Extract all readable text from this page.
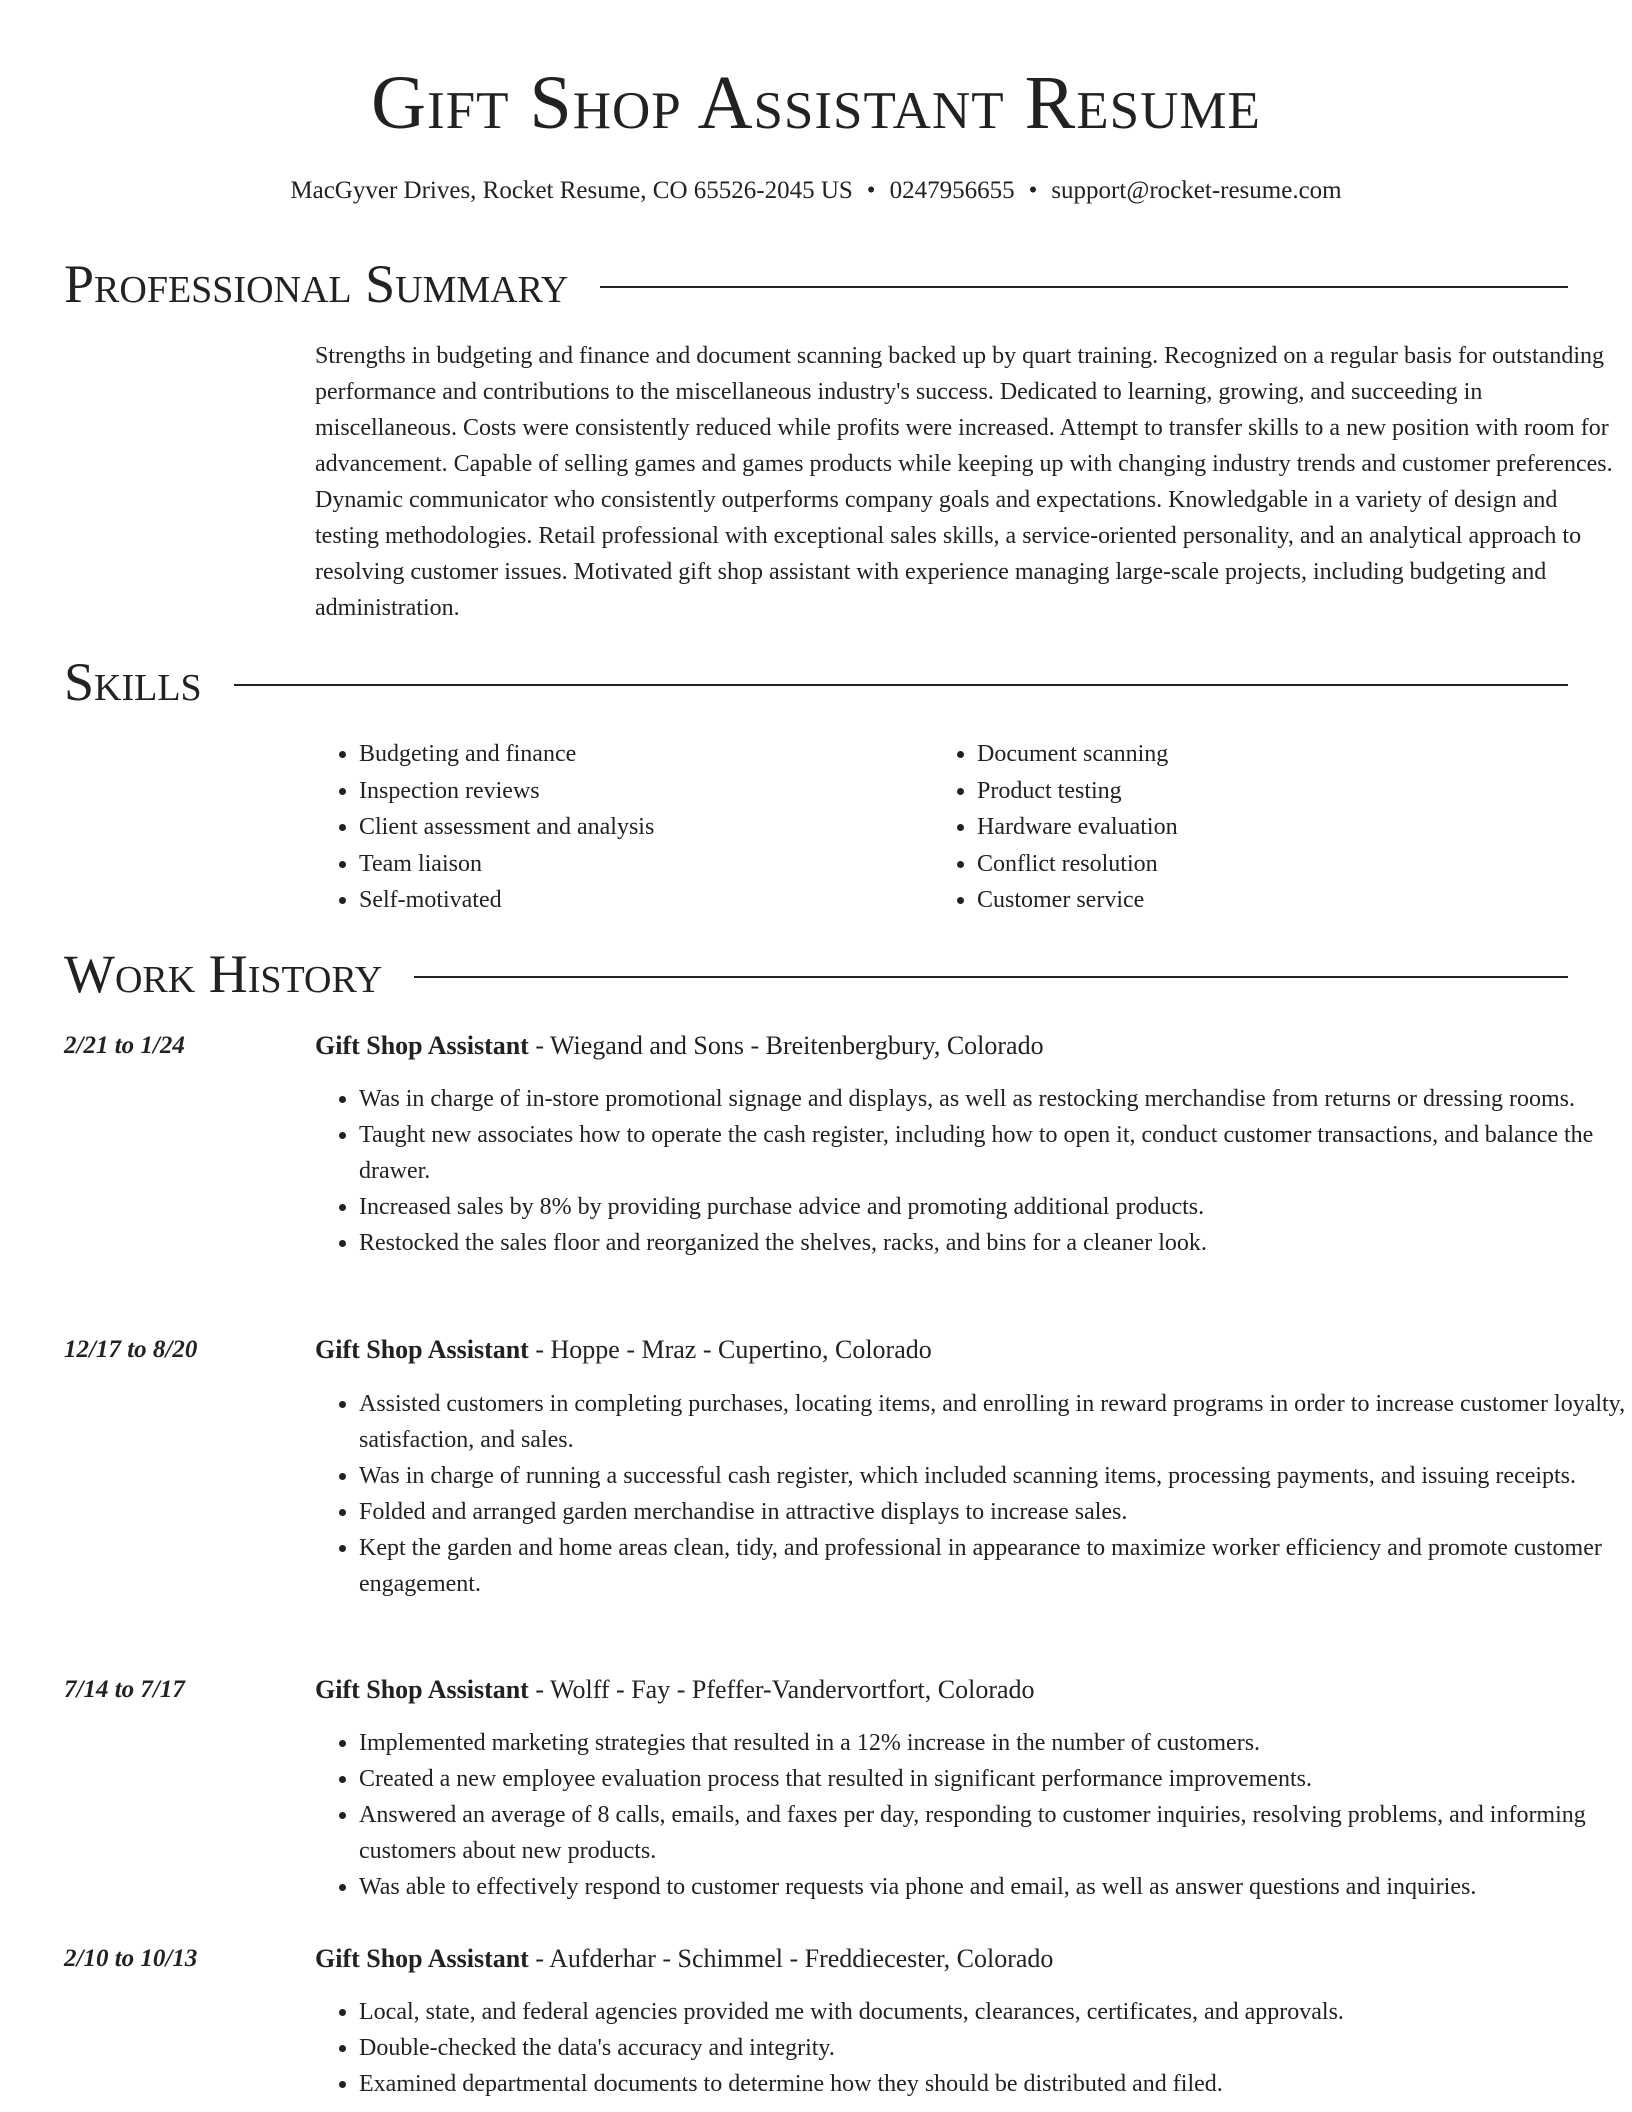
Gift Shop Assistant Resume
MacGyver Drives, Rocket Resume, CO 65526-2045 US • 0247956655 • support@rocket-resume.com
Professional Summary
Strengths in budgeting and finance and document scanning backed up by quart training. Recognized on a regular basis for outstanding performance and contributions to the miscellaneous industry's success. Dedicated to learning, growing, and succeeding in miscellaneous. Costs were consistently reduced while profits were increased. Attempt to transfer skills to a new position with room for advancement. Capable of selling games and games products while keeping up with changing industry trends and customer preferences. Dynamic communicator who consistently outperforms company goals and expectations. Knowledgable in a variety of design and testing methodologies. Retail professional with exceptional sales skills, a service-oriented personality, and an analytical approach to resolving customer issues. Motivated gift shop assistant with experience managing large-scale projects, including budgeting and administration.
Skills
• Budgeting and finance
• Inspection reviews
• Client assessment and analysis
• Team liaison
• Self-motivated
• Document scanning
• Product testing
• Hardware evaluation
• Conflict resolution
• Customer service
Work History
2/21 to 1/24	Gift Shop Assistant - Wiegand and Sons - Breitenbergbury, Colorado
• Was in charge of in-store promotional signage and displays, as well as restocking merchandise from returns or dressing rooms.
• Taught new associates how to operate the cash register, including how to open it, conduct customer transactions, and balance the drawer.
• Increased sales by 8% by providing purchase advice and promoting additional products.
• Restocked the sales floor and reorganized the shelves, racks, and bins for a cleaner look.
12/17 to 8/20	Gift Shop Assistant - Hoppe - Mraz - Cupertino, Colorado
• Assisted customers in completing purchases, locating items, and enrolling in reward programs in order to increase customer loyalty, satisfaction, and sales.
• Was in charge of running a successful cash register, which included scanning items, processing payments, and issuing receipts.
• Folded and arranged garden merchandise in attractive displays to increase sales.
• Kept the garden and home areas clean, tidy, and professional in appearance to maximize worker efficiency and promote customer engagement.
7/14 to 7/17	Gift Shop Assistant - Wolff - Fay - Pfeffer-Vandervortfort, Colorado
• Implemented marketing strategies that resulted in a 12% increase in the number of customers.
• Created a new employee evaluation process that resulted in significant performance improvements.
• Answered an average of 8 calls, emails, and faxes per day, responding to customer inquiries, resolving problems, and informing customers about new products.
• Was able to effectively respond to customer requests via phone and email, as well as answer questions and inquiries.
2/10 to 10/13	Gift Shop Assistant - Aufderhar - Schimmel - Freddiecester, Colorado
• Local, state, and federal agencies provided me with documents, clearances, certificates, and approvals.
• Double-checked the data's accuracy and integrity.
• Examined departmental documents to determine how they should be distributed and filed.
